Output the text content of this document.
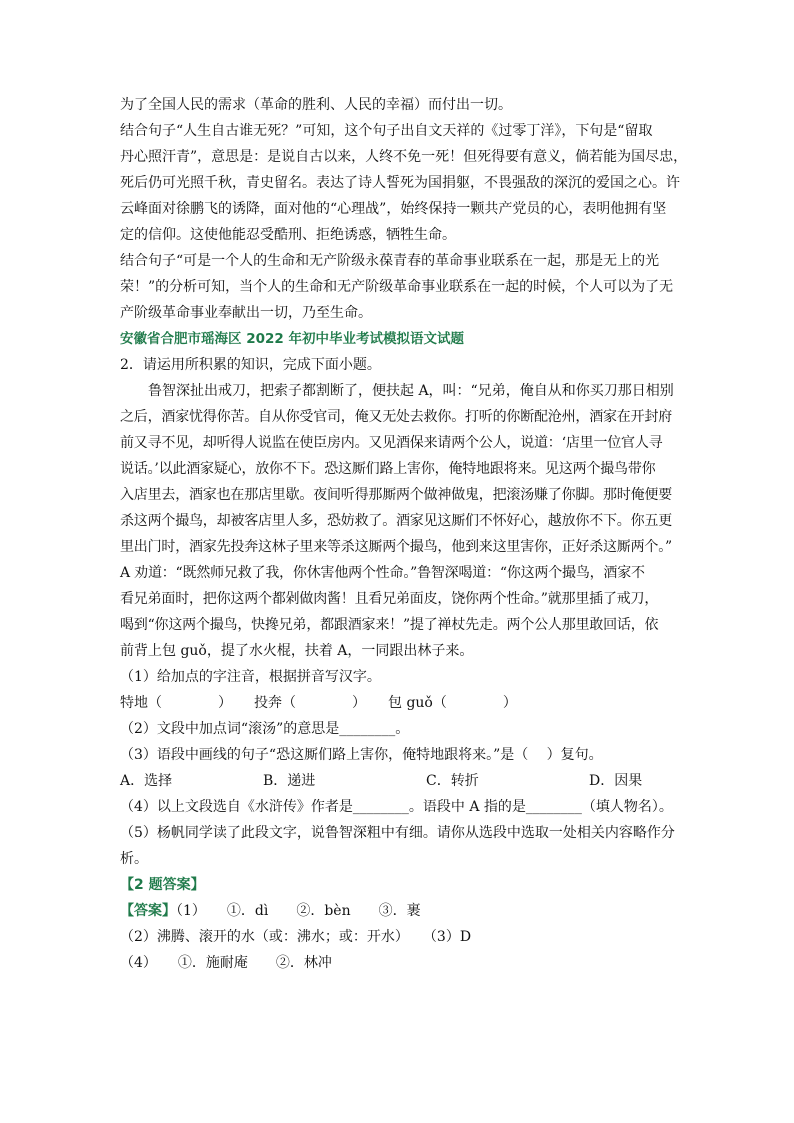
为了全国人民的需求（革命的胜利、人民的幸福）而付出一切。

结合句子“人生自古谁无死？”可知，这个句子出自文天祥的《过零丁洋》，下句是“留取

丹心照汗青”，意思是：是说自古以来，人终不免一死！但死得要有意义，倘若能为国尽忠，

死后仍可光照千秋，青史留名。表达了诗人誓死为国捐躯，不畏强敌的深沉的爱国之心。许

云峰面对徐鹏飞的诱降，面对他的“心理战”，始终保持一颗共产党员的心，表明他拥有坚

定的信仰。这使他能忍受酷刑、拒绝诱惑，牺牲生命。

结合句子“可是一个人的生命和无产阶级永葆青春的革命事业联系在一起，那是无上的光

荣！”的分析可知，当个人的生命和无产阶级革命事业联系在一起的时候，个人可以为了无

产阶级革命事业奉献出一切，乃至生命。

安徽省合肥市瑶海区 2022 年初中毕业考试模拟语文试题

2．请运用所积累的知识，完成下面小题。

鲁智深扯出戒刀，把索子都割断了，便扶起 A，叫：“兄弟，俺自从和你买刀那日相别

之后，酒家忧得你苦。自从你受官司，俺又无处去救你。打听的你断配沧州，酒家在开封府

前又寻不见，却听得人说监在使臣房内。又见酒保来请两个公人，说道：‘店里一位官人寻

说话。’以此酒家疑心，放你不下。恐这厮们路上害你，俺特地跟将来。见这两个撮鸟带你

入店里去，酒家也在那店里歇。夜间听得那厮两个做神做鬼，把滚汤赚了你脚。那时俺便要

杀这两个撮鸟，却被客店里人多，恐妨救了。酒家见这厮们不怀好心，越放你不下。你五更

里出门时，酒家先投奔这林子里来等杀这厮两个撮鸟，他到来这里害你，正好杀这厮两个。”

A 劝道：“既然师兄救了我，你休害他两个性命。”鲁智深喝道：“你这两个撮鸟，酒家不

看兄弟面时，把你这两个都剁做肉酱！且看兄弟面皮，饶你两个性命。”就那里插了戒刀，

喝到“你这两个撮鸟，快搀兄弟，都跟酒家来！”提了禅杖先走。两个公人那里敢回话，依

前背上包 guǒ，提了水火棍，扶着 A，一同跟出林子来。

（1）给加点的字注音，根据拼音写汉字。

特地（　　　　） 投奔（　　　　） 包 guǒ（　　　　）

（2）文段中加点词“滚汤”的意思是________。

（3）语段中画线的句子“恐这厮们路上害你，俺特地跟将来。”是（　 ）复句。

A．选择	B．递进	C．转折	D．因果

（4）以上文段选自《水浒传》作者是________。语段中 A 指的是________（填人物名）。

（5）杨帆同学读了此段文字，说鲁智深粗中有细。请你从选段中选取一处相关内容略作分

析。

【2 题答案】

【答案】（1）　　①．dì　　②．bèn　　③．裹

（2）沸腾、滚开的水（或：沸水；或：开水）　　（3）D

（4）　　①．施耐庵　　②．林冲
